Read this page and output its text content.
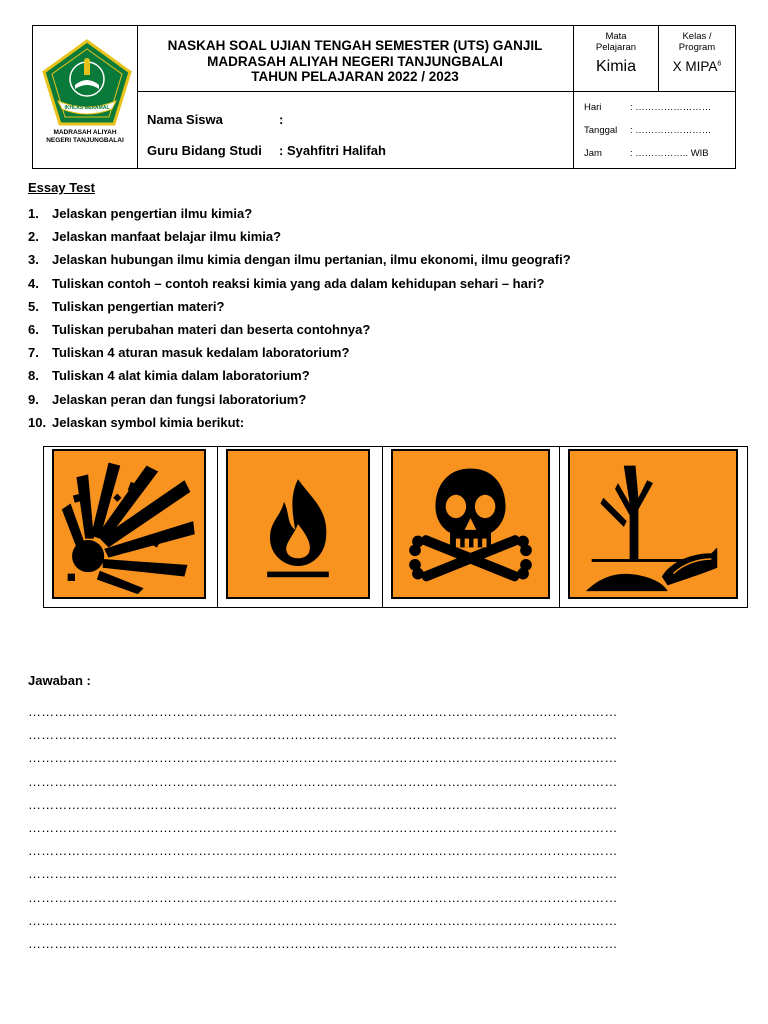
IKHLAS BERAMAL
MADRASAH ALIYAH
NEGERI TANJUNGBALAI
NASKAH SOAL UJIAN TENGAH SEMESTER (UTS) GANJIL
MADRASAH ALIYAH NEGERI TANJUNGBALAI
TAHUN PELAJARAN 2022 / 2023
Nama Siswa	:
Guru Bidang Studi : Syahfitri Halifah
Mata
Pelajaran
Kimia
Kelas /
Program
X MIPA$^6$
Hari	: ……………………
Tanggal : ……………………
Jam	: …………….. WIB
Essay Test
1. Jelaskan pengertian ilmu kimia?
2. Jelaskan manfaat belajar ilmu kimia?
3. Jelaskan hubungan ilmu kimia dengan ilmu pertanian, ilmu ekonomi, ilmu geografi?
4. Tuliskan contoh – contoh reaksi kimia yang ada dalam kehidupan sehari – hari?
5. Tuliskan pengertian materi?
6. Tuliskan perubahan materi dan beserta contohnya?
7. Tuliskan 4 aturan masuk kedalam laboratorium?
8. Tuliskan 4 alat kimia dalam laboratorium?
9. Jelaskan peran dan fungsi laboratorium?
10. Jelaskan symbol kimia berikut:
Jawaban :
………………………………………………………………………………………………………………………
………………………………………………………………………………………………………………………
………………………………………………………………………………………………………………………
………………………………………………………………………………………………………………………
………………………………………………………………………………………………………………………
………………………………………………………………………………………………………………………
………………………………………………………………………………………………………………………
………………………………………………………………………………………………………………………
………………………………………………………………………………………………………………………
………………………………………………………………………………………………………………………
………………………………………………………………………………………………………………………
